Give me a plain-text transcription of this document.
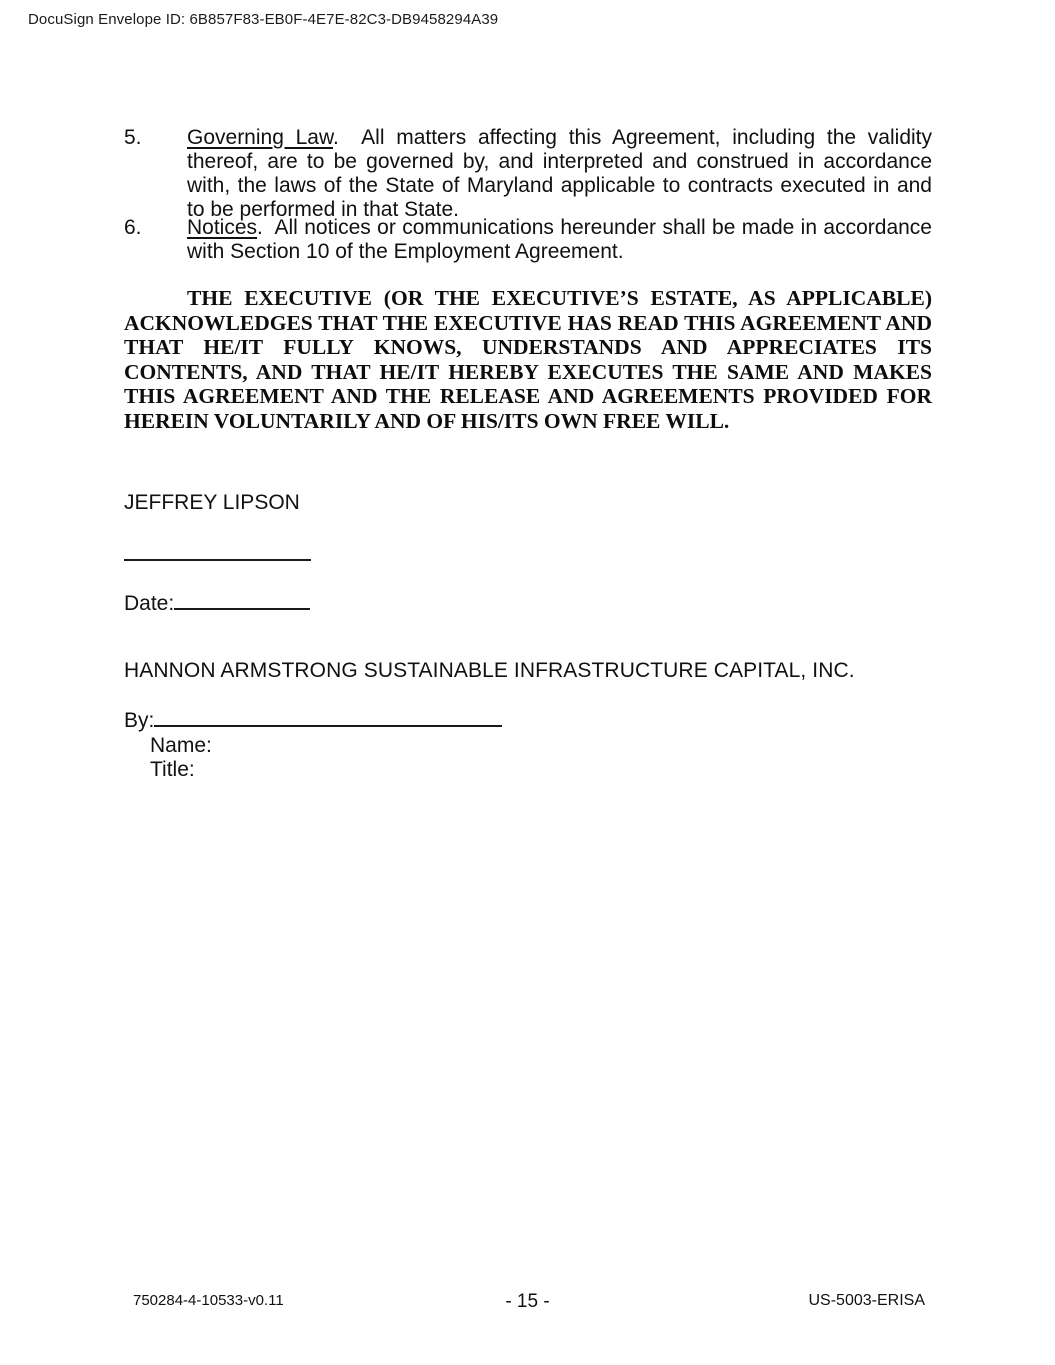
DocuSign Envelope ID: 6B857F83-EB0F-4E7E-82C3-DB9458294A39
5.	Governing Law.  All matters affecting this Agreement, including the validity thereof, are to be governed by, and interpreted and construed in accordance with, the laws of the State of Maryland applicable to contracts executed in and to be performed in that State.
6.	Notices.  All notices or communications hereunder shall be made in accordance with Section 10 of the Employment Agreement.
THE EXECUTIVE (OR THE EXECUTIVE’S ESTATE, AS APPLICABLE) ACKNOWLEDGES THAT THE EXECUTIVE HAS READ THIS AGREEMENT AND THAT HE/IT FULLY KNOWS, UNDERSTANDS AND APPRECIATES ITS CONTENTS, AND THAT HE/IT HEREBY EXECUTES THE SAME AND MAKES THIS AGREEMENT AND THE RELEASE AND AGREEMENTS PROVIDED FOR HEREIN VOLUNTARILY AND OF HIS/ITS OWN FREE WILL.
JEFFREY LIPSON
Date:
HANNON ARMSTRONG SUSTAINABLE INFRASTRUCTURE CAPITAL, INC.
By:
Name:
Title:
750284-4-10533-v0.11	- 15 -	US-5003-ERISA
